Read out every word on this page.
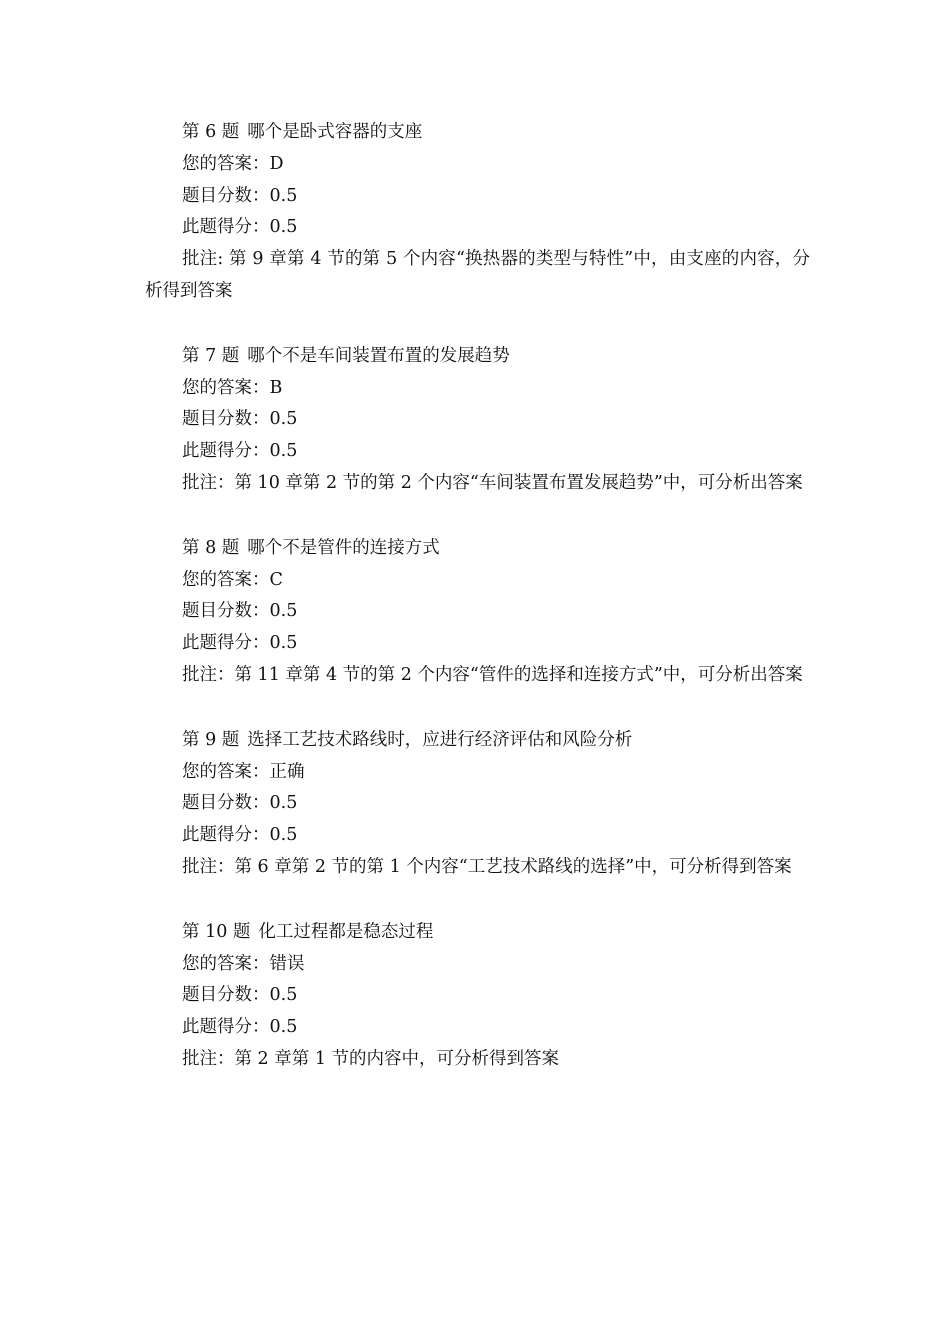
第 6 题 哪个是卧式容器的支座
您的答案：D
题目分数：0.5
此题得分：0.5
批注: 第 9 章第 4 节的第 5 个内容“换热器的类型与特性”中，由支座的内容，分析得到答案
第 7 题 哪个不是车间装置布置的发展趋势
您的答案：B
题目分数：0.5
此题得分：0.5
批注：第 10 章第 2 节的第 2 个内容“车间装置布置发展趋势”中，可分析出答案
第 8 题 哪个不是管件的连接方式
您的答案：C
题目分数：0.5
此题得分：0.5
批注：第 11 章第 4 节的第 2 个内容“管件的选择和连接方式”中，可分析出答案
第 9 题 选择工艺技术路线时，应进行经济评估和风险分析
您的答案：正确
题目分数：0.5
此题得分：0.5
批注：第 6 章第 2 节的第 1 个内容“工艺技术路线的选择”中，可分析得到答案
第 10 题 化工过程都是稳态过程
您的答案：错误
题目分数：0.5
此题得分：0.5
批注：第 2 章第 1 节的内容中，可分析得到答案
